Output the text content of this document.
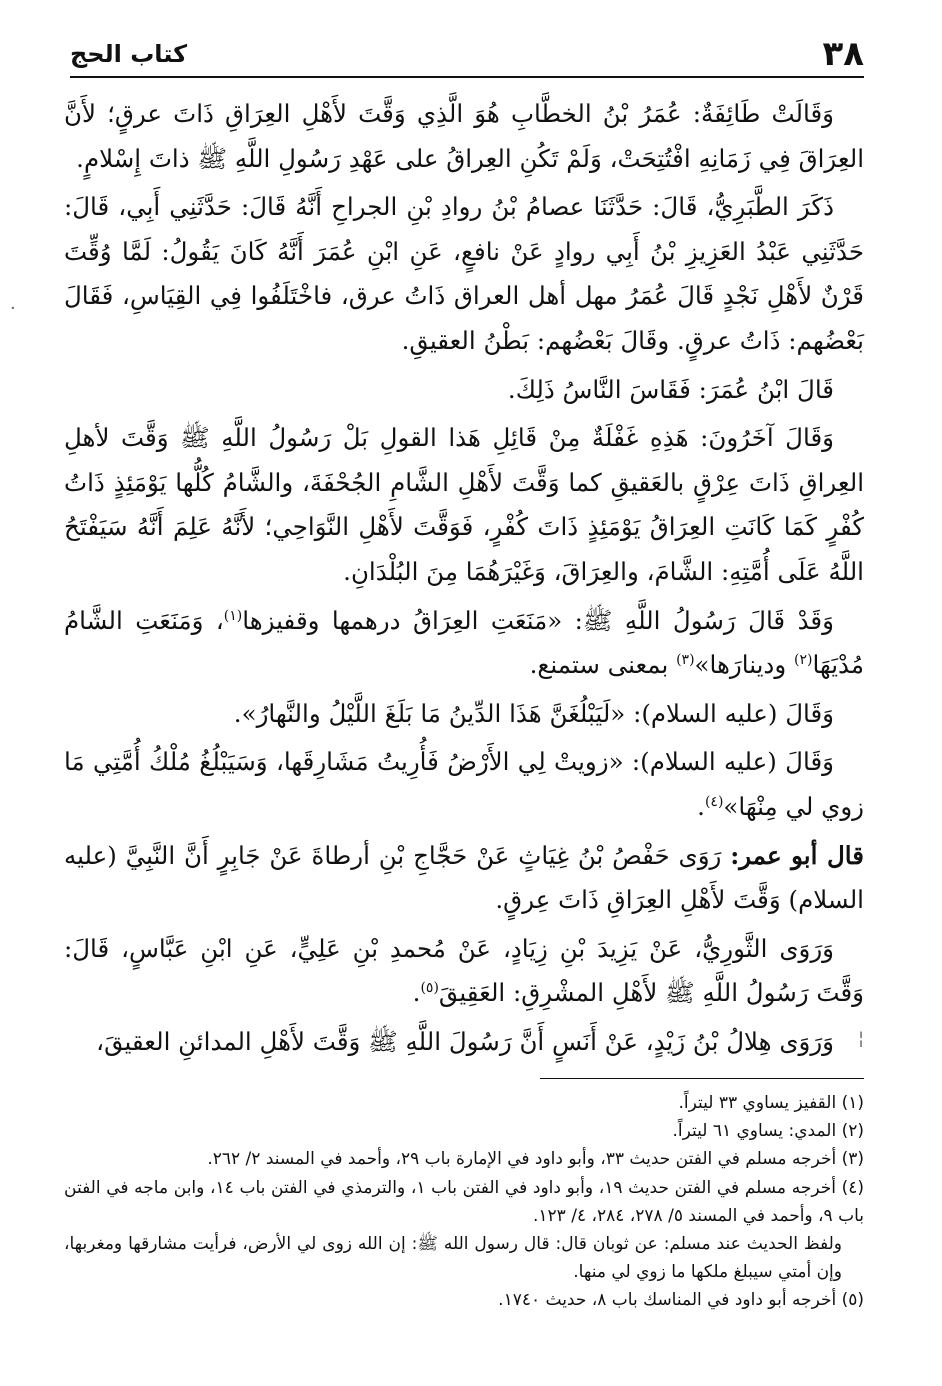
٣٨
كتاب الحج

وَقَالَتْ طَائِفَةٌ: عُمَرُ بْنُ الخطَّابِ هُوَ الَّذِي وَقَّتَ لأَهْلِ العِرَاقِ ذَاتَ عرقٍ؛ لأَنَّ العِرَاقَ فِي زَمَانِهِ افْتُتِحَتْ، وَلَمْ تَكُنِ العِراقُ على عَهْدِ رَسُولِ اللَّهِ ﷺ ذاتَ إِسْلامٍ.

ذَكَرَ الطَّبَرِيُّ، قَالَ: حَدَّثَنَا عصامُ بْنُ روادِ بْنِ الجراحِ أَنَّهُ قَالَ: حَدَّثَنِي أَبِي، قَالَ: حَدَّثَنِي عَبْدُ العَزِيزِ بْنُ أَبِي روادٍ عَنْ نافعٍ، عَنِ ابْنِ عُمَرَ أَنَّهُ كَانَ يَقُولُ: لَمَّا وُقِّتَ قَرْنٌ لأَهْلِ نَجْدٍ قَالَ عُمَرُ مهل أهل العراق ذَاتُ عرق، فاخْتَلَفُوا فِي القِيَاسِ، فَقَالَ بَعْضُهم: ذَاتُ عرقٍ. وقَالَ بَعْضُهم: بَطْنُ العقيقِ.

قَالَ ابْنُ عُمَرَ: فَقَاسَ النَّاسُ ذَلِكَ.

وَقَالَ آخَرُونَ: هَذِهِ غَفْلَةٌ مِنْ قَائِلِ هَذا القولِ بَلْ رَسُولُ اللَّهِ ﷺ وَقَّتَ لأهلِ العِراقِ ذَاتَ عِرْقٍ بالعَقيقِ كما وَقَّتَ لأَهْلِ الشَّامِ الجُحْفَةَ، والشَّامُ كُلُّها يَوْمَئِذٍ ذَاتُ كُفْرٍ كَمَا كَانَتِ العِرَاقُ يَوْمَئِذٍ ذَاتَ كُفْرٍ، فَوَقَّتَ لأَهْلِ النَّوَاحِي؛ لأَنَّهُ عَلِمَ أَنَّهُ سَيَفْتَحُ اللَّهُ عَلَى أُمَّتِهِ: الشَّامَ، والعِرَاقَ، وَغَيْرَهُمَا مِنَ البُلْدَانِ.

وَقَدْ قَالَ رَسُولُ اللَّهِ ﷺ: «مَنَعَتِ العِرَاقُ درهمها وقفيزها$^{(١)}$، وَمَنَعَتِ الشَّامُ مُدْيَهَا$^{(٢)}$ ودينارَها»$^{(٣)}$ بمعنى ستمنع.

وَقَالَ (عليه السلام): «لَيَبْلُغَنَّ هَذَا الدِّينُ مَا بَلَغَ اللَّيْلُ والنَّهارُ».

وَقَالَ (عليه السلام): «زويتْ لِي الأَرْضُ فَأُرِيتُ مَشَارِقَها، وَسَيَبْلُغُ مُلْكُ أُمَّتِي مَا زوي لي مِنْهَا»$^{(٤)}$.

قال أبو عمر: رَوَى حَفْصُ بْنُ غِيَاثٍ عَنْ حَجَّاجِ بْنِ أرطاةَ عَنْ جَابِرٍ أَنَّ النَّبِيَّ (عليه السلام) وَقَّتَ لأَهْلِ العِرَاقِ ذَاتَ عِرقٍ.

وَرَوَى الثَّورِيُّ، عَنْ يَزِيدَ بْنِ زِيَادٍ، عَنْ مُحمدِ بْنِ عَلِيٍّ، عَنِ ابْنِ عَبَّاسٍ، قَالَ: وَقَّتَ رَسُولُ اللَّهِ ﷺ لأَهْلِ المشْرِقِ: العَقِيقَ$^{(٥)}$.

وَرَوَى هِلالُ بْنُ زَيْدٍ، عَنْ أَنَسٍ أَنَّ رَسُولَ اللَّهِ ﷺ وَقَّتَ لأَهْلِ المدائنِ العقيقَ،

(١) القفيز يساوي ٣٣ ليتراً.

(٢) المدي: يساوي ٦١ ليتراً.

(٣) أخرجه مسلم في الفتن حديث ٣٣، وأبو داود في الإمارة باب ٢٩، وأحمد في المسند ٢/ ٢٦٢.

(٤) أخرجه مسلم في الفتن حديث ١٩، وأبو داود في الفتن باب ١، والترمذي في الفتن باب ١٤، وابن ماجه في الفتن باب ٩، وأحمد في المسند ٥/ ٢٧٨، ٢٨٤، ٤/ ١٢٣.

ولفظ الحديث عند مسلم: عن ثوبان قال: قال رسول الله ﷺ: إن الله زوى لي الأرض، فرأيت مشارقها ومغربها، وإن أمتي سيبلغ ملكها ما زوي لي منها.

(٥) أخرجه أبو داود في المناسك باب ٨، حديث ١٧٤٠.

·
¦
